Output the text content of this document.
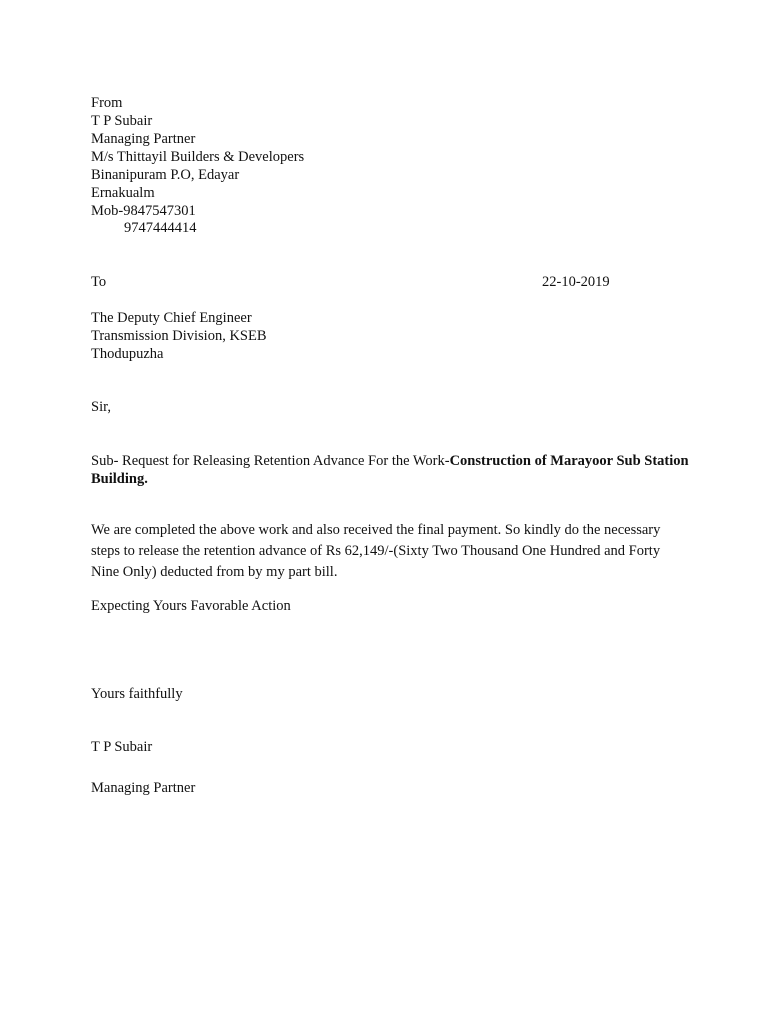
From
T P Subair
Managing Partner
M/s Thittayil Builders & Developers
Binanipuram P.O, Edayar
Ernakualm
Mob-9847547301
9747444414
To	22-10-2019
The Deputy Chief Engineer
Transmission Division, KSEB
Thodupuzha
Sir,
Sub- Request for Releasing Retention Advance For the Work-Construction of Marayoor Sub Station Building.
We are completed the above work and also received the final payment. So kindly do the necessary steps to release the retention advance of Rs 62,149/-(Sixty Two Thousand One Hundred and Forty Nine Only) deducted from by my part bill.
Expecting Yours Favorable Action
Yours faithfully
T P Subair
Managing Partner
